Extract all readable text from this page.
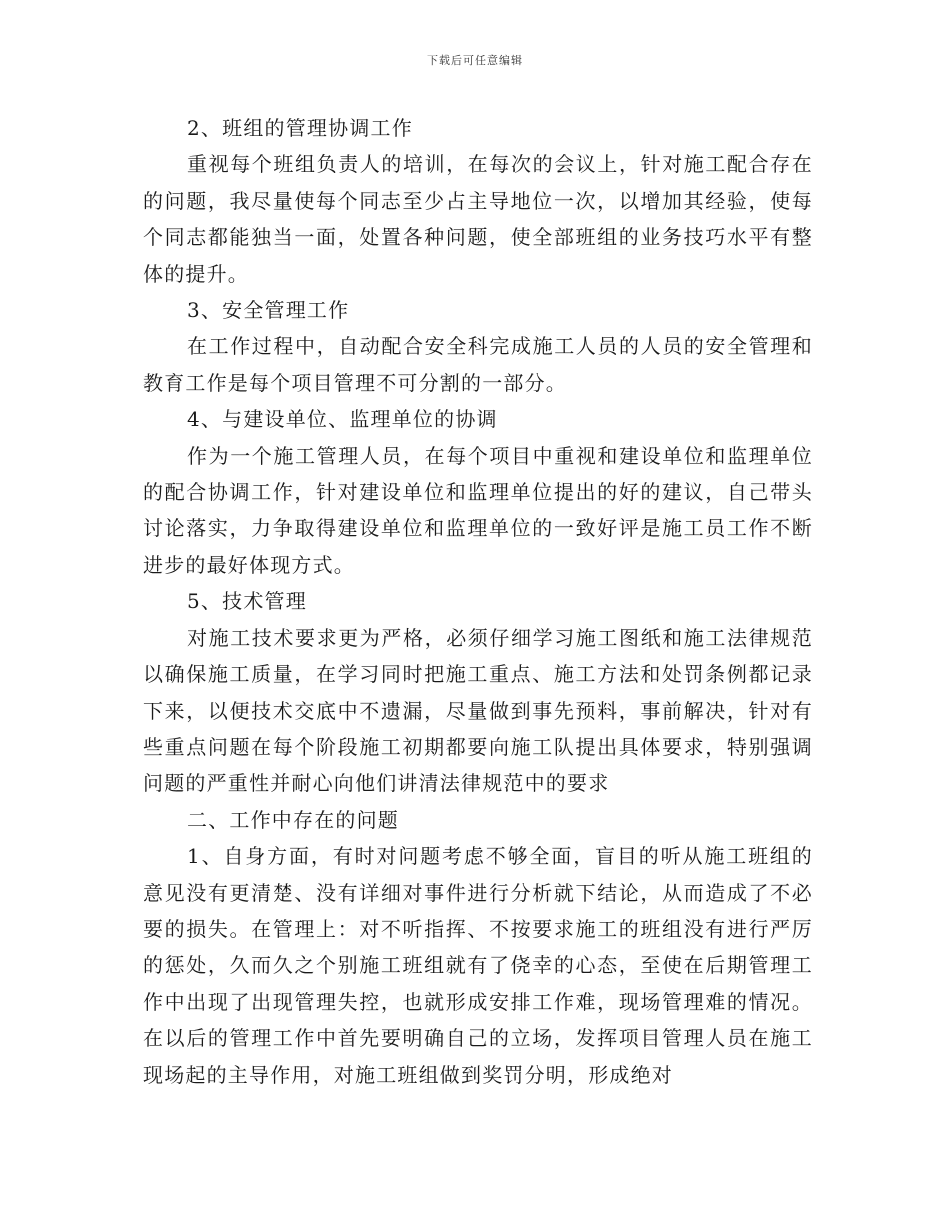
下载后可任意编辑

2、班组的管理协调工作

重视每个班组负责人的培训，在每次的会议上，针对施工配合存在的问题，我尽量使每个同志至少占主导地位一次，以增加其经验，使每个同志都能独当一面，处置各种问题，使全部班组的业务技巧水平有整体的提升。

3、安全管理工作

在工作过程中，自动配合安全科完成施工人员的人员的安全管理和教育工作是每个项目管理不可分割的一部分。

4、与建设单位、监理单位的协调

作为一个施工管理人员，在每个项目中重视和建设单位和监理单位的配合协调工作，针对建设单位和监理单位提出的好的建议，自己带头讨论落实，力争取得建设单位和监理单位的一致好评是施工员工作不断进步的最好体现方式。

5、技术管理

对施工技术要求更为严格，必须仔细学习施工图纸和施工法律规范以确保施工质量，在学习同时把施工重点、施工方法和处罚条例都记录下来，以便技术交底中不遗漏，尽量做到事先预料，事前解决，针对有些重点问题在每个阶段施工初期都要向施工队提出具体要求，特别强调问题的严重性并耐心向他们讲清法律规范中的要求

二、工作中存在的问题

1、自身方面，有时对问题考虑不够全面，盲目的听从施工班组的意见没有更清楚、没有详细对事件进行分析就下结论，从而造成了不必要的损失。在管理上：对不听指挥、不按要求施工的班组没有进行严厉的惩处，久而久之个别施工班组就有了侥幸的心态，至使在后期管理工作中出现了出现管理失控，也就形成安排工作难，现场管理难的情况。在以后的管理工作中首先要明确自己的立场，发挥项目管理人员在施工现场起的主导作用，对施工班组做到奖罚分明，形成绝对
